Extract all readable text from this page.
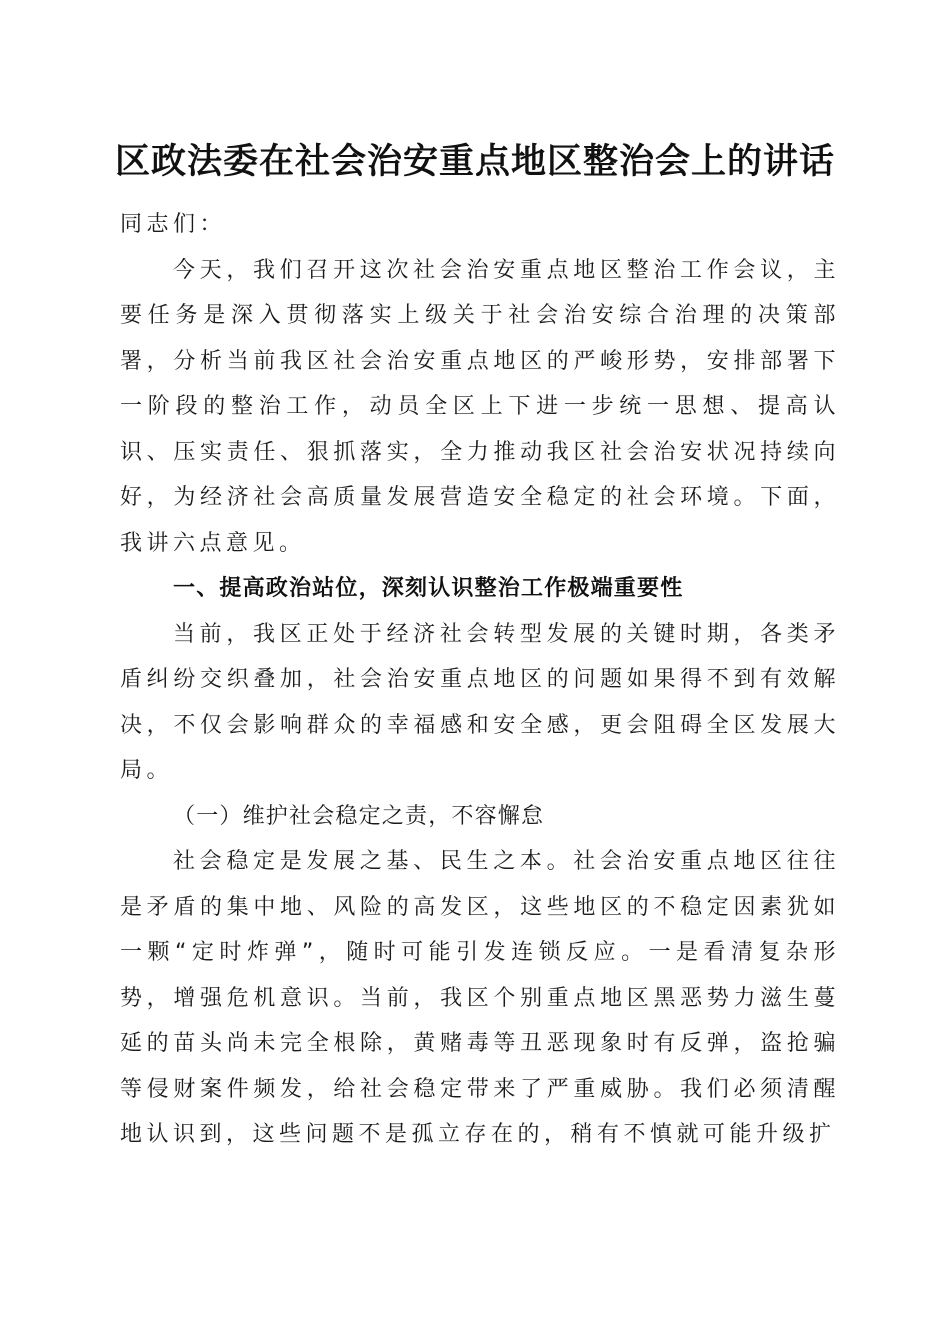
区政法委在社会治安重点地区整治会上的讲话

同志们：

今天，我们召开这次社会治安重点地区整治工作会议，主要任务是深入贯彻落实上级关于社会治安综合治理的决策部署，分析当前我区社会治安重点地区的严峻形势，安排部署下一阶段的整治工作，动员全区上下进一步统一思想、提高认识、压实责任、狠抓落实，全力推动我区社会治安状况持续向好，为经济社会高质量发展营造安全稳定的社会环境。下面，我讲六点意见。

一、提高政治站位，深刻认识整治工作极端重要性

当前，我区正处于经济社会转型发展的关键时期，各类矛盾纠纷交织叠加，社会治安重点地区的问题如果得不到有效解决，不仅会影响群众的幸福感和安全感，更会阻碍全区发展大局。

（一）维护社会稳定之责，不容懈怠

社会稳定是发展之基、民生之本。社会治安重点地区往往是矛盾的集中地、风险的高发区，这些地区的不稳定因素犹如一颗“定时炸弹”，随时可能引发连锁反应。一是看清复杂形势，增强危机意识。当前，我区个别重点地区黑恶势力滋生蔓延的苗头尚未完全根除，黄赌毒等丑恶现象时有反弹，盗抢骗等侵财案件频发，给社会稳定带来了严重威胁。我们必须清醒地认识到，这些问题不是孤立存在的，稍有不慎就可能升级扩
